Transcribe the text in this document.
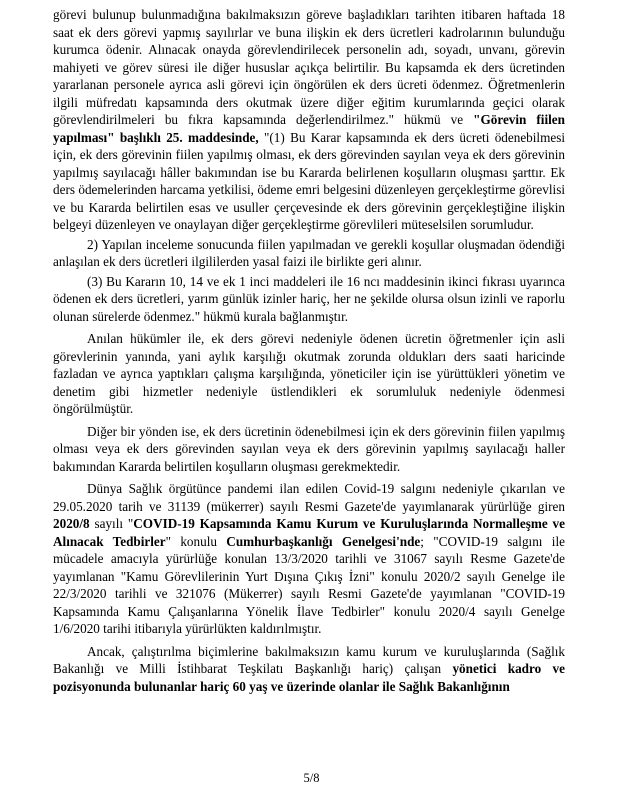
görevi bulunup bulunmadığına bakılmaksızın göreve başladıkları tarihten itibaren haftada 18 saat ek ders görevi yapmış sayılırlar ve buna ilişkin ek ders ücretleri kadrolarının bulunduğu kurumca ödenir. Alınacak onayda görevlendirilecek personelin adı, soyadı, unvanı, görevin mahiyeti ve görev süresi ile diğer hususlar açıkça belirtilir. Bu kapsamda ek ders ücretinden yararlanan personele ayrıca asli görevi için öngörülen ek ders ücreti ödenmez. Öğretmenlerin ilgili müfredatı kapsamında ders okutmak üzere diğer eğitim kurumlarında geçici olarak görevlendirilmeleri bu fıkra kapsamında değerlendirilmez." hükmü ve "Görevin fiilen yapılması" başlıklı 25. maddesinde, "(1) Bu Karar kapsamında ek ders ücreti ödenebilmesi için, ek ders görevinin fiilen yapılmış olması, ek ders görevinden sayılan veya ek ders görevinin yapılmış sayılacağı hâller bakımından ise bu Kararda belirlenen koşulların oluşması şarttır. Ek ders ödemelerinden harcama yetkilisi, ödeme emri belgesini düzenleyen gerçekleştirme görevlisi ve bu Kararda belirtilen esas ve usuller çerçevesinde ek ders görevinin gerçekleştiğine ilişkin belgeyi düzenleyen ve onaylayan diğer gerçekleştirme görevlileri müteselsilen sorumludur.

2) Yapılan inceleme sonucunda fiilen yapılmadan ve gerekli koşullar oluşmadan ödendiği anlaşılan ek ders ücretleri ilgililerden yasal faizi ile birlikte geri alınır.

(3) Bu Kararın 10, 14 ve ek 1 inci maddeleri ile 16 ncı maddesinin ikinci fıkrası uyarınca ödenen ek ders ücretleri, yarım günlük izinler hariç, her ne şekilde olursa olsun izinli ve raporlu olunan sürelerde ödenmez." hükmü kurala bağlanmıştır.

Anılan hükümler ile, ek ders görevi nedeniyle ödenen ücretin öğretmenler için asli görevlerinin yanında, yani aylık karşılığı okutmak zorunda oldukları ders saati haricinde fazladan ve ayrıca yaptıkları çalışma karşılığında, yöneticiler için ise yürüttükleri yönetim ve denetim gibi hizmetler nedeniyle üstlendikleri ek sorumluluk nedeniyle ödenmesi öngörülmüştür.

Diğer bir yönden ise, ek ders ücretinin ödenebilmesi için ek ders görevinin fiilen yapılmış olması veya ek ders görevinden sayılan veya ek ders görevinin yapılmış sayılacağı haller bakımından Kararda belirtilen koşulların oluşması gerekmektedir.

Dünya Sağlık örgütünce pandemi ilan edilen Covid-19 salgını nedeniyle çıkarılan ve 29.05.2020 tarih ve 31139 (mükerrer) sayılı Resmi Gazete'de yayımlanarak yürürlüğe giren 2020/8 sayılı "COVID-19 Kapsamında Kamu Kurum ve Kuruluşlarında Normalleşme ve Alınacak Tedbirler" konulu Cumhurbaşkanlığı Genelgesi'nde; "COVID-19 salgını ile mücadele amacıyla yürürlüğe konulan 13/3/2020 tarihli ve 31067 sayılı Resme Gazete'de yayımlanan "Kamu Görevlilerinin Yurt Dışına Çıkış İzni" konulu 2020/2 sayılı Genelge ile 22/3/2020 tarihli ve 321076 (Mükerrer) sayılı Resmi Gazete'de yayımlanan "COVID-19 Kapsamında Kamu Çalışanlarına Yönelik İlave Tedbirler" konulu 2020/4 sayılı Genelge 1/6/2020 tarihi itibarıyla yürürlükten kaldırılmıştır.

Ancak, çalıştırılma biçimlerine bakılmaksızın kamu kurum ve kuruluşlarında (Sağlık Bakanlığı ve Milli İstihbarat Teşkilatı Başkanlığı hariç) çalışan yönetici kadro ve pozisyonunda bulunanlar hariç 60 yaş ve üzerinde olanlar ile Sağlık Bakanlığının

5/8
